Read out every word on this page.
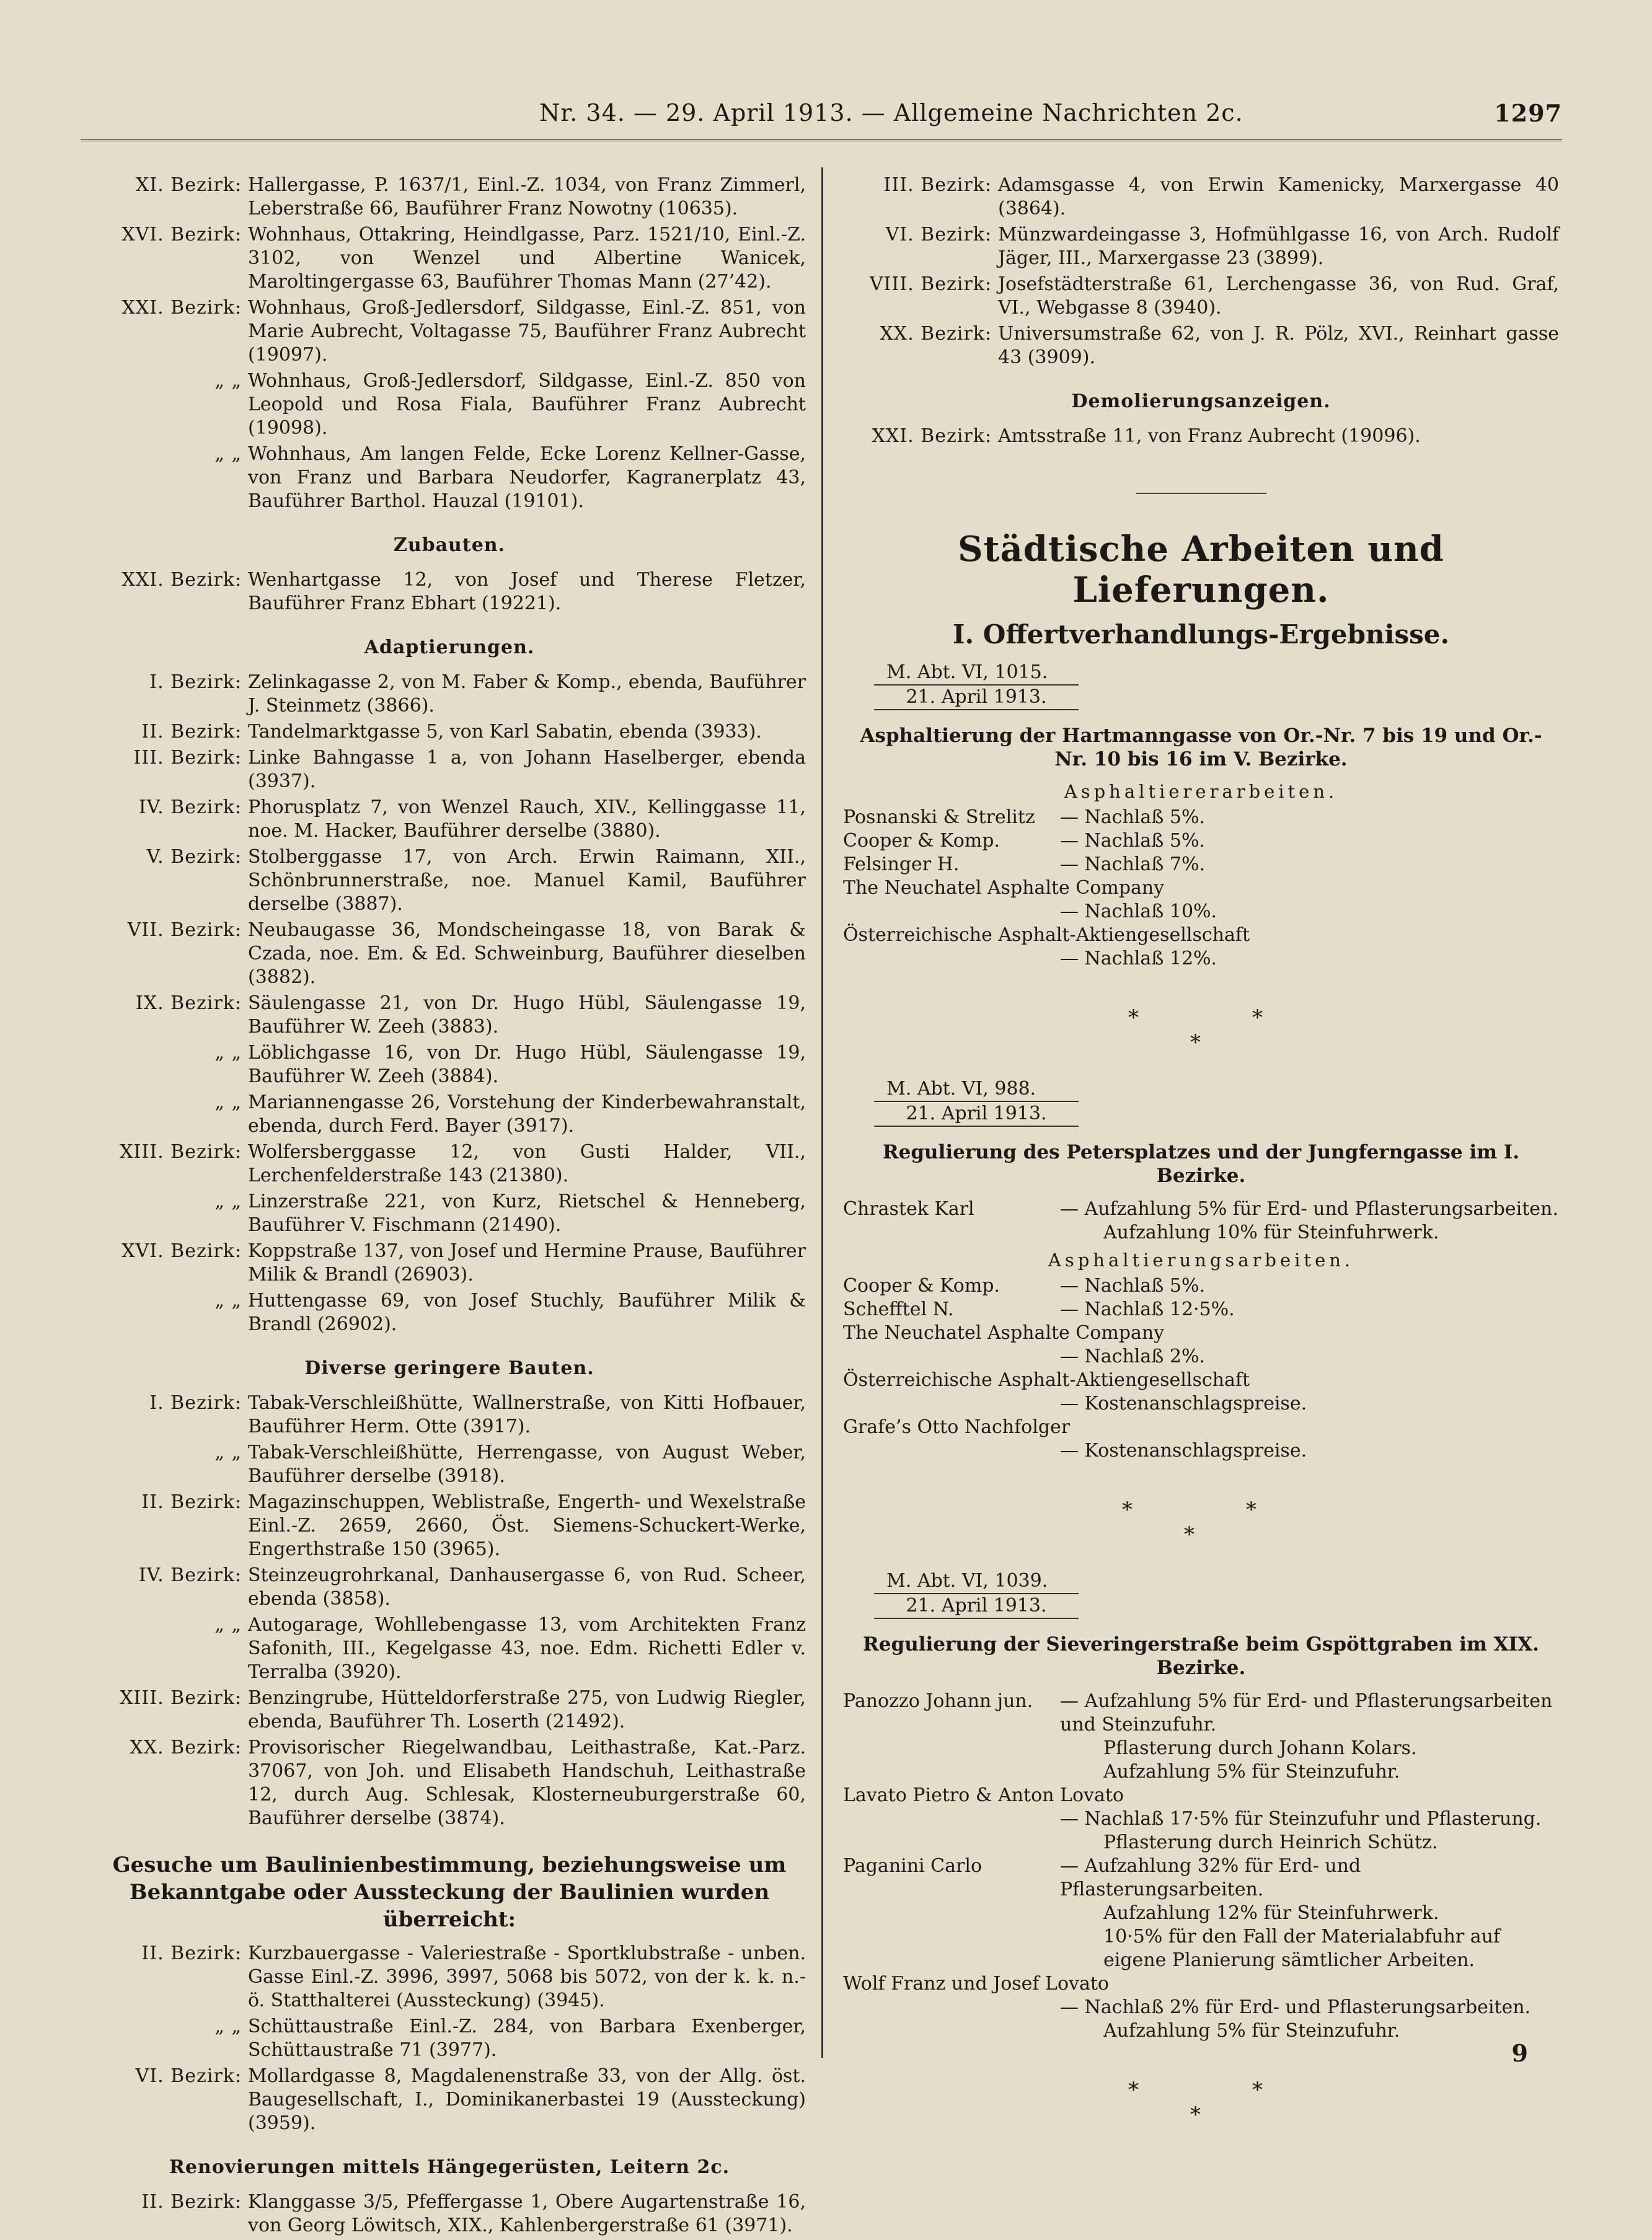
Nr. 34. — 29. April 1913. — Allgemeine Nachrichten 2c.	1297
XI. Bezirk: Hallergasse, P. 1637/1, Einl.-Z. 1034, von Franz Zimmerl, Leberstraße 66, Bauführer Franz Nowotny (10635).
XVI. Bezirk: Wohnhaus, Ottakring, Heindlgasse, Parz. 1521/10, Einl.-Z. 3102, von Wenzel und Albertine Wanicek, Maroltingergasse 63, Bauführer Thomas Mann (27’42).
XXI. Bezirk: Wohnhaus, Groß-Jedlersdorf, Sildgasse, Einl.-Z. 851, von Marie Aubrecht, Voltagasse 75, Bauführer Franz Aubrecht (19097).
„ „ Wohnhaus, Groß-Jedlersdorf, Sildgasse, Einl.-Z. 850 von Leopold und Rosa Fiala, Bauführer Franz Aubrecht (19098).
„ „ Wohnhaus, Am langen Felde, Ecke Lorenz Kellner-Gasse, von Franz und Barbara Neudorfer, Kagranerplatz 43, Bauführer Barthol. Hauzal (19101).
Zubauten.
XXI. Bezirk: Wenhartgasse 12, von Josef und Therese Fletzer, Bauführer Franz Ebhart (19221).
Adaptierungen.
I. Bezirk: Zelinkagasse 2, von M. Faber & Komp., ebenda, Bauführer J. Steinmetz (3866).
II. Bezirk: Tandelmarktgasse 5, von Karl Sabatin, ebenda (3933).
III. Bezirk: Linke Bahngasse 1 a, von Johann Haselberger, ebenda (3937).
IV. Bezirk: Phorusplatz 7, von Wenzel Rauch, XIV., Kellinggasse 11, noe. M. Hacker, Bauführer derselbe (3880).
V. Bezirk: Stolberggasse 17, von Arch. Erwin Raimann, XII., Schönbrunnerstraße, noe. Manuel Kamil, Bauführer derselbe (3887).
VII. Bezirk: Neubaugasse 36, Mondscheingasse 18, von Barak & Czada, noe. Em. & Ed. Schweinburg, Bauführer dieselben (3882).
IX. Bezirk: Säulengasse 21, von Dr. Hugo Hübl, Säulengasse 19, Bauführer W. Zeeh (3883).
„ „ Löblichgasse 16, von Dr. Hugo Hübl, Säulengasse 19, Bauführer W. Zeeh (3884).
„ „ Mariannengasse 26, Vorstehung der Kinderbewahranstalt, ebenda, durch Ferd. Bayer (3917).
XIII. Bezirk: Wolfersberggasse 12, von Gusti Halder, VII., Lerchenfelderstraße 143 (21380).
„ „ Linzerstraße 221, von Kurz, Rietschel & Henneberg, Bauführer V. Fischmann (21490).
XVI. Bezirk: Koppstraße 137, von Josef und Hermine Prause, Bauführer Milik & Brandl (26903).
„ „ Huttengasse 69, von Josef Stuchly, Bauführer Milik & Brandl (26902).
Diverse geringere Bauten.
I. Bezirk: Tabak-Verschleißhütte, Wallnerstraße, von Kitti Hofbauer, Bauführer Herm. Otte (3917).
„ „ Tabak-Verschleißhütte, Herrengasse, von August Weber, Bauführer derselbe (3918).
II. Bezirk: Magazinschuppen, Weblistraße, Engerth- und Wexelstraße Einl.-Z. 2659, 2660, Öst. Siemens-Schuckert-Werke, Engerthstraße 150 (3965).
IV. Bezirk: Steinzeugrohrkanal, Danhausergasse 6, von Rud. Scheer, ebenda (3858).
„ „ Autogarage, Wohllebengasse 13, vom Architekten Franz Safonith, III., Kegelgasse 43, noe. Edm. Richetti Edler v. Terralba (3920).
XIII. Bezirk: Benzingrube, Hütteldorferstraße 275, von Ludwig Riegler, ebenda, Bauführer Th. Loserth (21492).
XX. Bezirk: Provisorischer Riegelwandbau, Leithastraße, Kat.-Parz. 37067, von Joh. und Elisabeth Handschuh, Leithastraße 12, durch Aug. Schlesak, Klosterneuburgerstraße 60, Bauführer derselbe (3874).
Gesuche um Baulinienbestimmung, beziehungsweise um Bekanntgabe oder Aussteckung der Baulinien wurden überreicht:
II. Bezirk: Kurzbauergasse - Valeriestraße - Sportklubstraße - unben. Gasse Einl.-Z. 3996, 3997, 5068 bis 5072, von der k. k. n.-ö. Statthalterei (Aussteckung) (3945).
„ „ Schüttaustraße Einl.-Z. 284, von Barbara Exenberger, Schüttaustraße 71 (3977).
VI. Bezirk: Mollardgasse 8, Magdalenenstraße 33, von der Allg. öst. Baugesellschaft, I., Dominikanerbastei 19 (Aussteckung) (3959).
Renovierungen mittels Hängegerüsten, Leitern 2c.
II. Bezirk: Klanggasse 3/5, Pfeffergasse 1, Obere Augartenstraße 16, von Georg Löwitsch, XIX., Kahlenbergerstraße 61 (3971).
III. Bezirk: Adamsgasse 4, von Erwin Kamenicky, Marxergasse 40 (3864).
VI. Bezirk: Münzwardeingasse 3, Hofmühlgasse 16, von Arch. Rudolf Jäger, III., Marxergasse 23 (3899).
VIII. Bezirk: Josefstädterstraße 61, Lerchengasse 36, von Rud. Graf, VI., Webgasse 8 (3940).
XX. Bezirk: Universumstraße 62, von J. R. Pölz, XVI., Reinhart gasse 43 (3909).
Demolierungsanzeigen.
XXI. Bezirk: Amtsstraße 11, von Franz Aubrecht (19096).
Städtische Arbeiten und Lieferungen.
I. Offertverhandlungs-Ergebnisse.
M. Abt. VI, 1015.
21. April 1913.
Asphaltierung der Hartmanngasse von Or.-Nr. 7 bis 19 und Or.-Nr. 10 bis 16 im V. Bezirke.
Asphaltiererarbeiten.
Posnanski & Strelitz	— Nachlaß 5%.
Cooper & Komp.	— Nachlaß 5%.
Felsinger H.	— Nachlaß 7%.
The Neuchatel Asphalte Company
— Nachlaß 10%.
Österreichische Asphalt-Aktiengesellschaft
— Nachlaß 12%.
*	*
*
M. Abt. VI, 988.
21. April 1913.
Regulierung des Petersplatzes und der Jungferngasse im I. Bezirke.
Chrastek Karl	— Aufzahlung 5% für Erd- und Pflasterungsarbeiten.
Aufzahlung 10% für Steinfuhrwerk.
Asphaltierungsarbeiten.
Cooper & Komp.	— Nachlaß 5%.
Schefftel N.	— Nachlaß 12·5%.
The Neuchatel Asphalte Company
— Nachlaß 2%.
Österreichische Asphalt-Aktiengesellschaft
— Kostenanschlagspreise.
Grafe’s Otto Nachfolger
— Kostenanschlagspreise.
*	*
*
M. Abt. VI, 1039.
21. April 1913.
Regulierung der Sieveringerstraße beim Gspöttgraben im XIX. Bezirke.
Panozzo Johann jun.	— Aufzahlung 5% für Erd- und Pflasterungsarbeiten und Steinzufuhr.
Pflasterung durch Johann Kolars.
Aufzahlung 5% für Steinzufuhr.
Lavato Pietro & Anton Lovato
— Nachlaß 17·5% für Steinzufuhr und Pflasterung.
Pflasterung durch Heinrich Schütz.
Paganini Carlo	— Aufzahlung 32% für Erd- und Pflasterungsarbeiten.
Aufzahlung 12% für Steinfuhrwerk.
10·5% für den Fall der Materialabfuhr auf eigene Planierung sämtlicher Arbeiten.
Wolf Franz und Josef Lovato
— Nachlaß 2% für Erd- und Pflasterungsarbeiten.
Aufzahlung 5% für Steinzufuhr.
*	*
*
9
